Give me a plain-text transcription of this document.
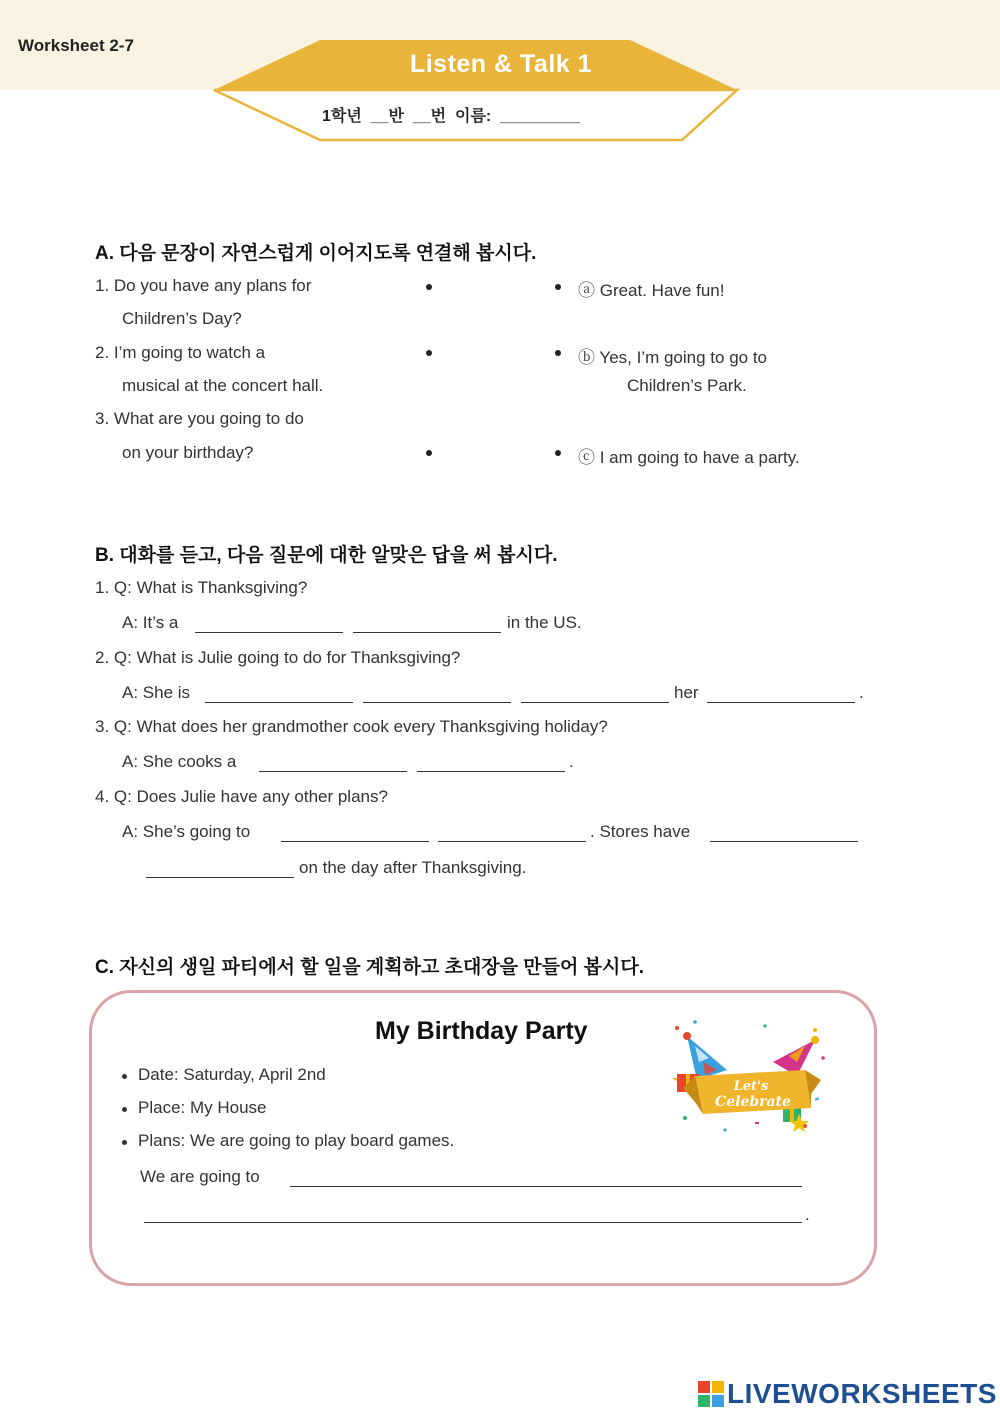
Worksheet 2-7
Listen & Talk 1
1학년  __반  __번  이름:  _________
A. 다음 문장이 자연스럽게 이어지도록 연결해 봅시다.
1. Do you have any plans for
Children’s Day?
2. I’m going to watch a
musical at the concert hall.
3. What are you going to do
on your birthday?
ⓐ Great. Have fun!
ⓑ Yes, I’m going to go to
Children’s Park.
ⓒ I am going to have a party.
B. 대화를 듣고, 다음 질문에 대한 알맞은 답을 써 봅시다.
1. Q: What is Thanksgiving?
A: It’s a	in the US.
2. Q: What is Julie going to do for Thanksgiving?
A: She is	her	.
3. Q: What does her grandmother cook every Thanksgiving holiday?
A: She cooks a	.
4. Q: Does Julie have any other plans?
A: She’s going to	. Stores have
on the day after Thanksgiving.
C. 자신의 생일 파티에서 할 일을 계획하고 초대장을 만들어 봅시다.
My Birthday Party
Date: Saturday, April 2nd
Place: My House
Plans: We are going to play board games.
We are going to
.
Let's
Celebrate
LIVEWORKSHEETS
